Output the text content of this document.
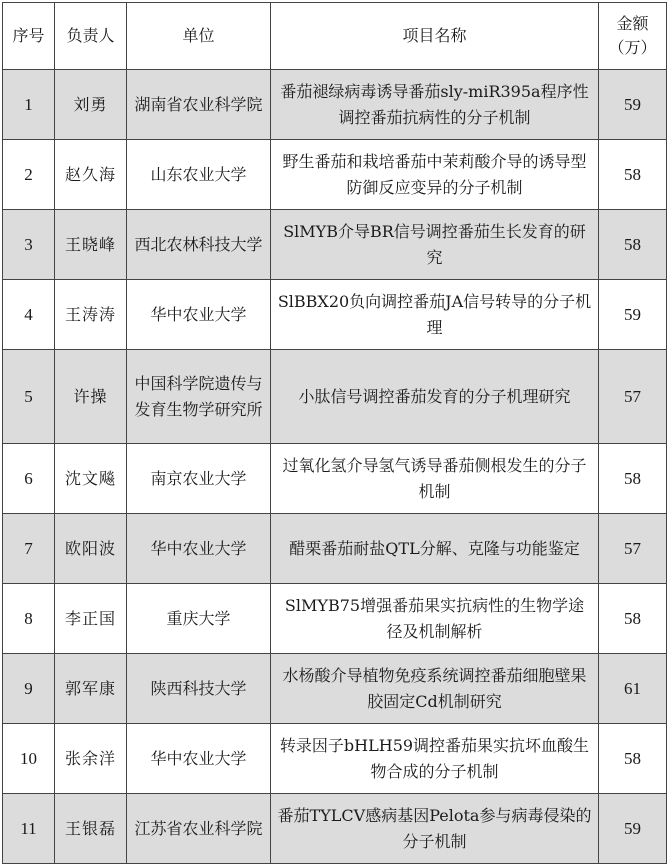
序号	负责人	单位	项目名称	金额
（万）
1	刘勇	湖南省农业科学院	番茄褪绿病毒诱导番茄sly-miR395a程序性调控番茄抗病性的分子机制	59
2	赵久海	山东农业大学	野生番茄和栽培番茄中茉莉酸介导的诱导型防御反应变异的分子机制	58
3	王晓峰	西北农林科技大学	SlMYB介导BR信号调控番茄生长发育的研究	58
4	王涛涛	华中农业大学	SlBBX20负向调控番茄JA信号转导的分子机理	59
5	许操	中国科学院遗传与发育生物学研究所	小肽信号调控番茄发育的分子机理研究	57
6	沈文飚	南京农业大学	过氧化氢介导氢气诱导番茄侧根发生的分子机制	58
7	欧阳波	华中农业大学	醋栗番茄耐盐QTL分解、克隆与功能鉴定	57
8	李正国	重庆大学	SlMYB75增强番茄果实抗病性的生物学途径及机制解析	58
9	郭军康	陕西科技大学	水杨酸介导植物免疫系统调控番茄细胞壁果胶固定Cd机制研究	61
10	张余洋	华中农业大学	转录因子bHLH59调控番茄果实抗坏血酸生物合成的分子机制	58
11	王银磊	江苏省农业科学院	番茄TYLCV感病基因Pelota参与病毒侵染的分子机制	59
